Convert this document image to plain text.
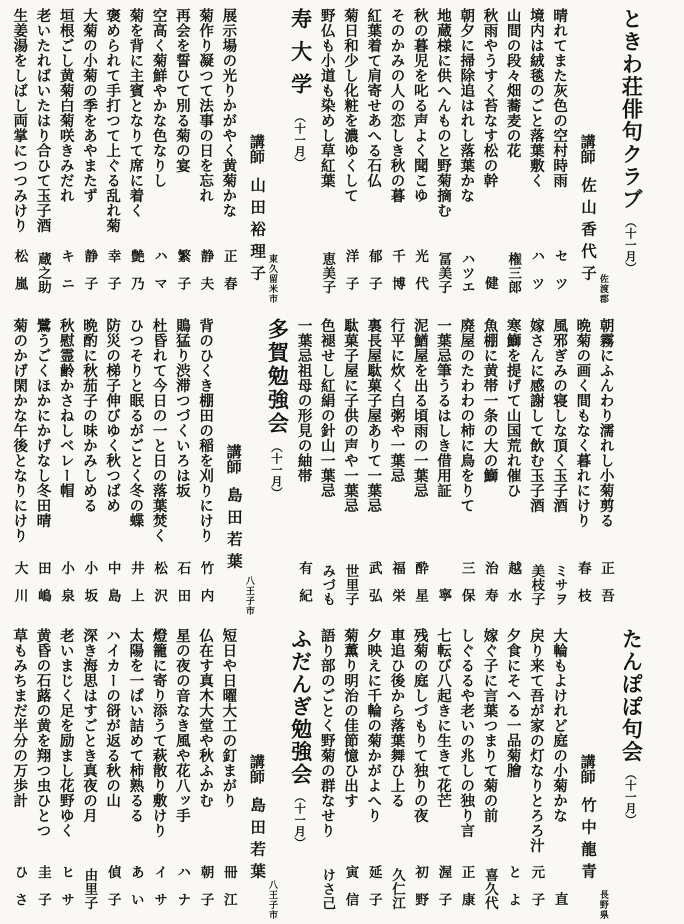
ときわ荘俳句クラブ
（十一月）
佐渡郡
講師
佐山香代子
晴れてまた灰色の空村時雨
セツ
境内は絨毯のごと落葉敷く
ハツ
山間の段々畑蕎麦の花
権三郎
秋雨やうすく苔なす松の幹
健
朝夕に掃除追はれし落葉かな
ハツエ
地蔵様に供へんものと野菊摘む
冨美子
秋の暮児を叱る声よく聞こゆ
光代
そのかみの人の恋しき秋の暮
千博
紅葉着て肩寄せあへる石仏
郁子
菊日和少し化粧を濃ゆくして
洋子
野仏も小道も染めし草紅葉
恵美子
寿大学
（十一月）
東久留米市
講師
山田裕理子
展示場の光りかがやく黄菊かな
正春
菊作り凝つて法事の日を忘れ
静夫
再会を誓ひて別る菊の宴
繁子
空高く菊鮮やかな色なりし
ハマ
菊を背に主賓となりて席に着く
艶乃
褒められて手打つて上ぐる乱れ菊
幸子
大菊の小菊の季をあやまたず
静子
垣根ごし黄菊白菊咲きみだれ
キニ
老いたればいたはり合ひて玉子酒
蔵之助
生姜湯をしばし両掌につつみけり
松嵐
朝霧にふんわり濡れし小菊剪る
正吾
晩菊の画く間もなく暮れにけり
春枝
風邪ぎみの寝しな頂く玉子酒
ミサヲ
嫁さんに感謝して飲む玉子酒
美枝子
寒鰤を提げて山国荒れ催ひ
越水
魚棚に黄帯一条の大の鰤
治寿
廃屋のたわわの柿に鳥をりて
三保
一葉忌筆うるはしき借用証
寧
泥鰌屋を出る頃雨の一葉忌
酔星
行平に炊く白粥や一葉忌
福栄
裏長屋駄菓子屋ありて一葉忌
武弘
駄菓子屋に子供の声や一葉忌
世里子
色褪せし紅絹の針山一葉忌
みづも
一葉忌祖母の形見の紬帯
有紀
多賀勉強会
（十一月）
八王子市
講師
島田若葉
背のひくき棚田の稲を刈りにけり
竹内
鵙猛り渋滞つづくいろは坂
石田
杜昏れて今日の一と日の落葉焚く
松沢
ひつそりと眠るがごとく冬の蝶
井上
防災の梯子伸びゆく秋つばめ
中島
晩酌に秋茄子の味かみしめる
小坂
秋慰霊齢かさねしベレー帽
小泉
鷺うごくほかにかげなし冬田晴
田嶋
菊のかげ閑かな午後となりにけり
大川
たんぽぽ句会
（十一月）
長野県
講師
竹中龍青
大輪もよけれど庭の小菊かな
直
戻り来て吾が家の灯なりとろろ汁
元子
夕食にそへる一品菊膾
とよ
嫁ぐ子に言葉つまりて菊の前
喜久代
しぐるるや老いの兆しの独り言
正康
七転び八起きに生きて花芒
渥子
残菊の庭しづもりて独りの夜
初野
車追ひ後から落葉舞ひ上る
久仁江
夕映えに千輪の菊かがよへり
延子
菊薫り明治の佳節憶ひ出す
寅信
語り部のごとく野菊の群なせり
けさ己
ふだんぎ勉強会
（十一月）
八王子市
講師
島田若葉
短日や日曜大工の釘まがり
冊江
仏在す真木大堂や秋ふかむ
朝子
星の夜の音なき風や花八ッ手
ハナ
燈籠に寄り添うて萩散り敷けり
イサ
太陽を一ぱい詰めて柿熟るる
あい
ハイカーの谺が返る秋の山
偵子
深き海思はすごとき真夜の月
由里子
老いまじく足を励まし花野ゆく
ヒサ
黄昏の石蕗の黄を翔つ虫ひとつ
圭子
草もみちまだ半分の万歩計
ひさ
